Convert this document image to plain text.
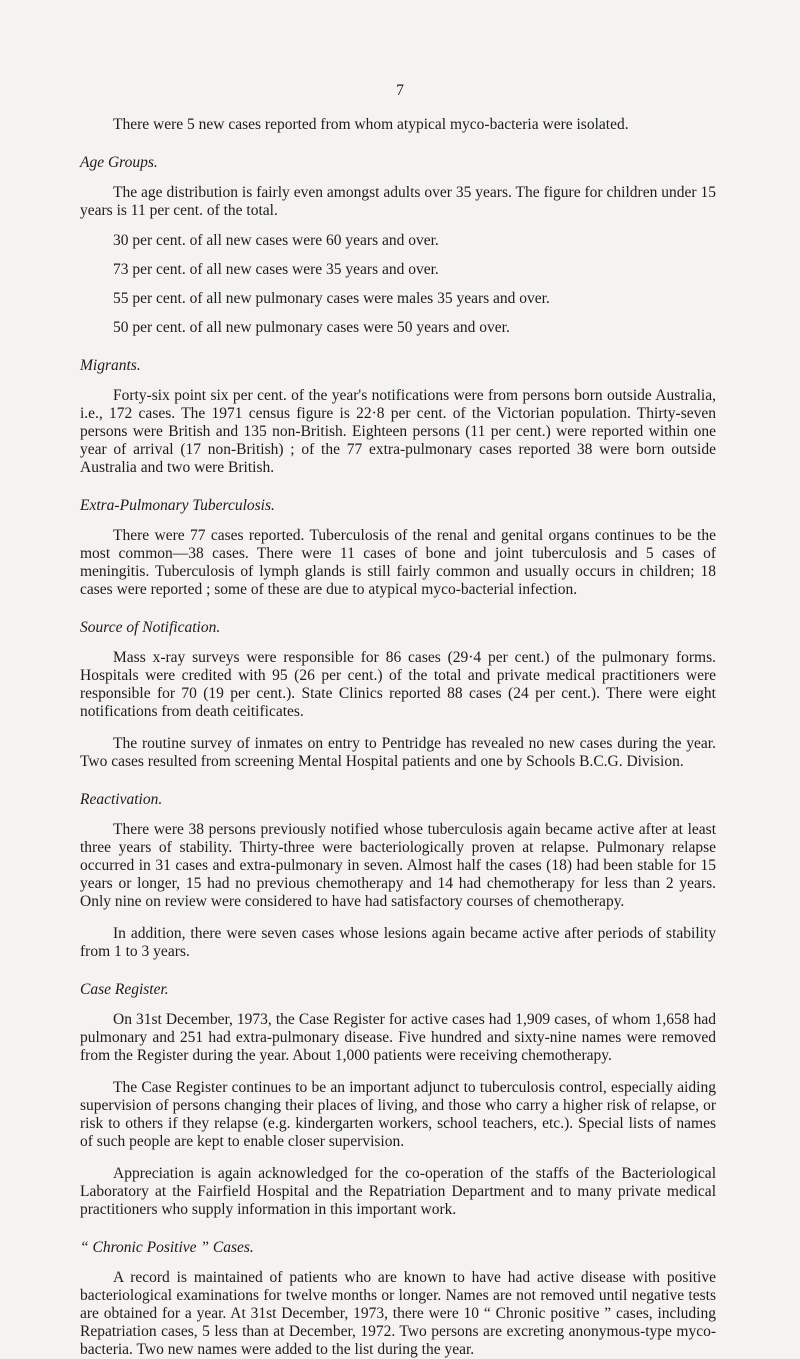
7

There were 5 new cases reported from whom atypical myco-bacteria were isolated.

Age Groups.

The age distribution is fairly even amongst adults over 35 years. The figure for children under 15 years is 11 per cent. of the total.

30 per cent. of all new cases were 60 years and over.
73 per cent. of all new cases were 35 years and over.
55 per cent. of all new pulmonary cases were males 35 years and over.
50 per cent. of all new pulmonary cases were 50 years and over.
Migrants.

Forty-six point six per cent. of the year's notifications were from persons born outside Australia, i.e., 172 cases. The 1971 census figure is 22·8 per cent. of the Victorian population. Thirty-seven persons were British and 135 non-British. Eighteen persons (11 per cent.) were reported within one year of arrival (17 non-British) ; of the 77 extra-pulmonary cases reported 38 were born outside Australia and two were British.

Extra-Pulmonary Tuberculosis.

There were 77 cases reported. Tuberculosis of the renal and genital organs continues to be the most common—38 cases. There were 11 cases of bone and joint tuberculosis and 5 cases of meningitis. Tuberculosis of lymph glands is still fairly common and usually occurs in children; 18 cases were reported ; some of these are due to atypical myco-bacterial infection.

Source of Notification.

Mass x-ray surveys were responsible for 86 cases (29·4 per cent.) of the pulmonary forms. Hospitals were credited with 95 (26 per cent.) of the total and private medical practitioners were responsible for 70 (19 per cent.). State Clinics reported 88 cases (24 per cent.). There were eight notifications from death ceitificates.

The routine survey of inmates on entry to Pentridge has revealed no new cases during the year. Two cases resulted from screening Mental Hospital patients and one by Schools B.C.G. Division.

Reactivation.

There were 38 persons previously notified whose tuberculosis again became active after at least three years of stability. Thirty-three were bacteriologically proven at relapse. Pulmonary relapse occurred in 31 cases and extra-pulmonary in seven. Almost half the cases (18) had been stable for 15 years or longer, 15 had no previous chemotherapy and 14 had chemotherapy for less than 2 years. Only nine on review were considered to have had satisfactory courses of chemotherapy.

In addition, there were seven cases whose lesions again became active after periods of stability from 1 to 3 years.

Case Register.

On 31st December, 1973, the Case Register for active cases had 1,909 cases, of whom 1,658 had pulmonary and 251 had extra-pulmonary disease. Five hundred and sixty-nine names were removed from the Register during the year. About 1,000 patients were receiving chemotherapy.

The Case Register continues to be an important adjunct to tuberculosis control, especially aiding supervision of persons changing their places of living, and those who carry a higher risk of relapse, or risk to others if they relapse (e.g. kindergarten workers, school teachers, etc.). Special lists of names of such people are kept to enable closer supervision.

Appreciation is again acknowledged for the co-operation of the staffs of the Bacteriological Laboratory at the Fairfield Hospital and the Repatriation Department and to many private medical practitioners who supply information in this important work.

“ Chronic Positive ” Cases.

A record is maintained of patients who are known to have had active disease with positive bacteriological examinations for twelve months or longer. Names are not removed until negative tests are obtained for a year. At 31st December, 1973, there were 10 “ Chronic positive ” cases, including Repatriation cases, 5 less than at December, 1972. Two persons are excreting anonymous-type myco-bacteria. Two new names were added to the list during the year.
